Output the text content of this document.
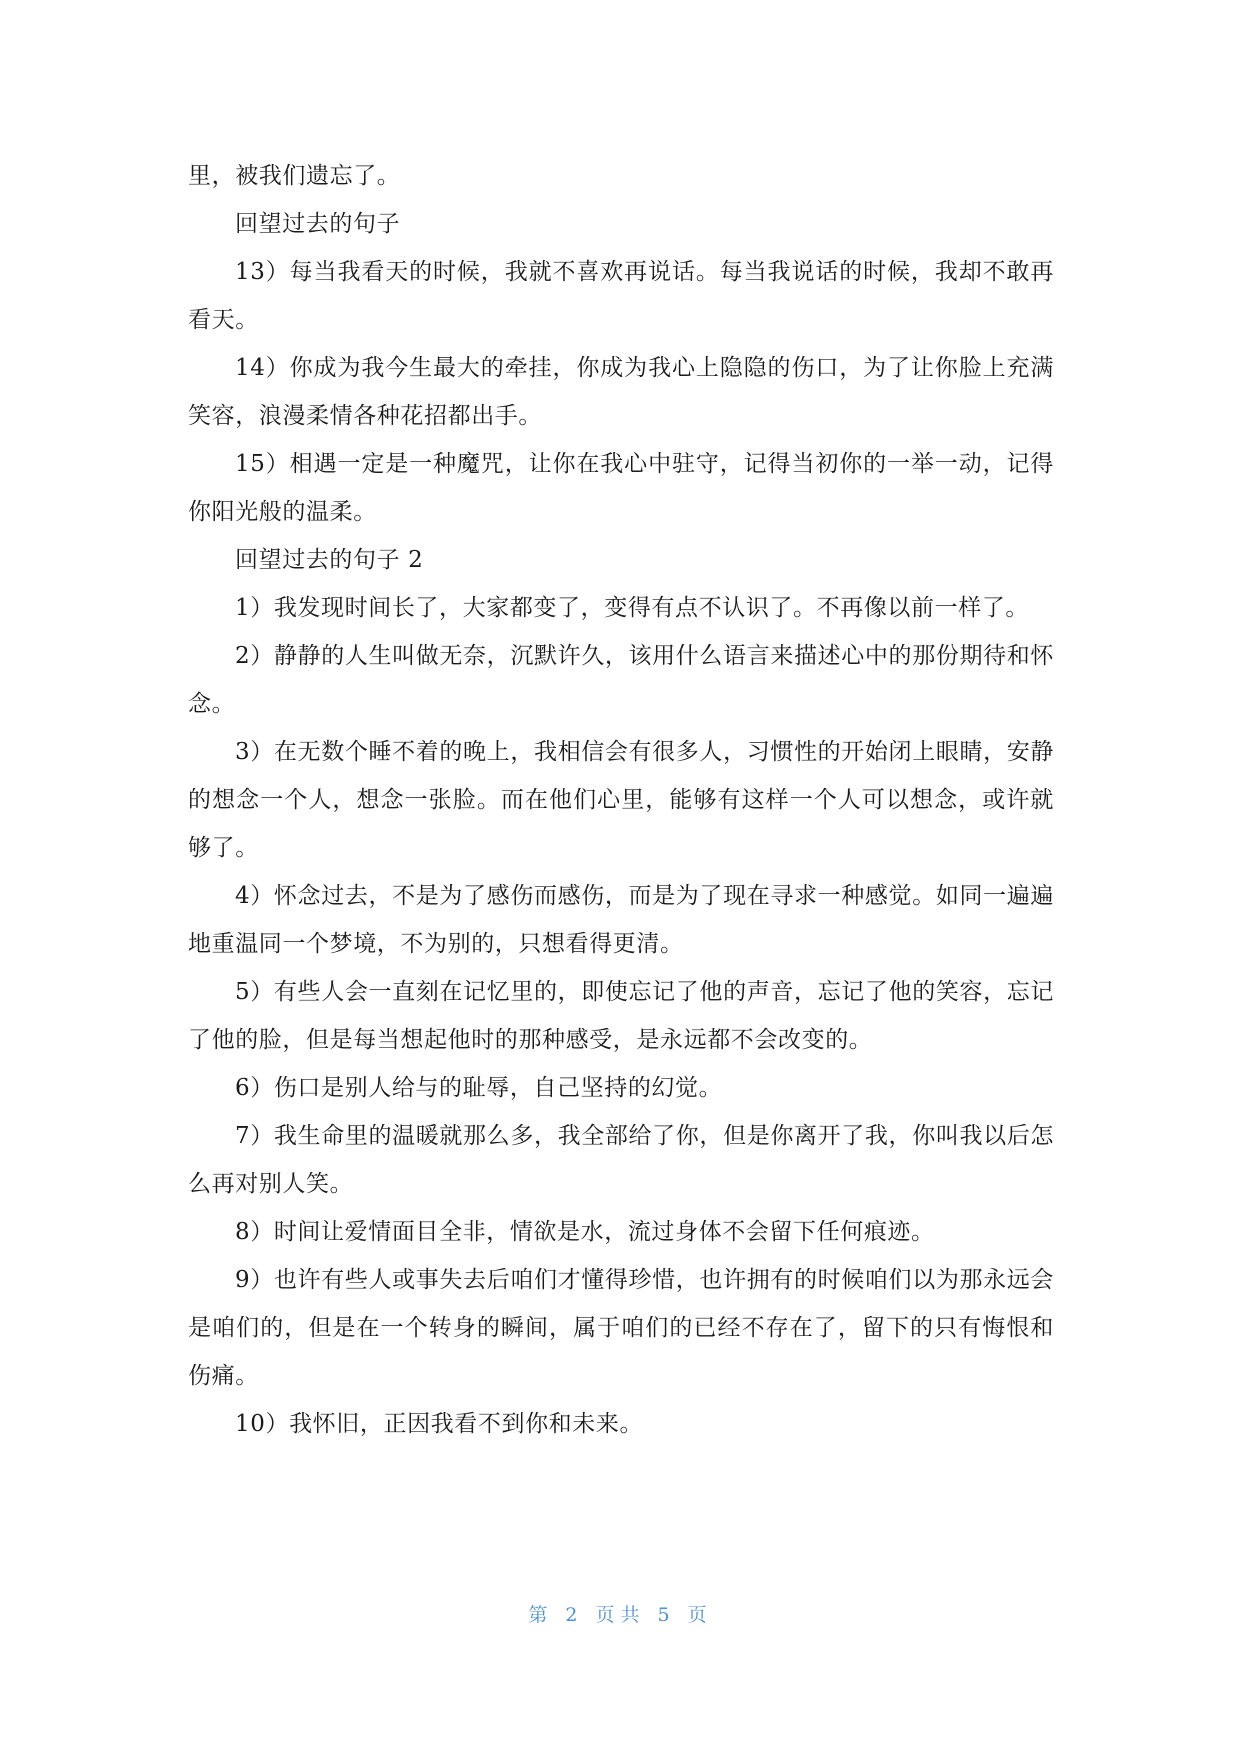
里，被我们遗忘了。

回望过去的句子

13）每当我看天的时候，我就不喜欢再说话。每当我说话的时候，我却不敢再看天。

14）你成为我今生最大的牵挂，你成为我心上隐隐的伤口，为了让你脸上充满笑容，浪漫柔情各种花招都出手。

15）相遇一定是一种魔咒，让你在我心中驻守，记得当初你的一举一动，记得你阳光般的温柔。

回望过去的句子 2

1）我发现时间长了，大家都变了，变得有点不认识了。不再像以前一样了。

2）静静的人生叫做无奈，沉默许久，该用什么语言来描述心中的那份期待和怀念。

3）在无数个睡不着的晚上，我相信会有很多人，习惯性的开始闭上眼睛，安静的想念一个人，想念一张脸。而在他们心里，能够有这样一个人可以想念，或许就够了。

4）怀念过去，不是为了感伤而感伤，而是为了现在寻求一种感觉。如同一遍遍地重温同一个梦境，不为别的，只想看得更清。

5）有些人会一直刻在记忆里的，即使忘记了他的声音，忘记了他的笑容，忘记了他的脸，但是每当想起他时的那种感受，是永远都不会改变的。

6）伤口是别人给与的耻辱，自己坚持的幻觉。

7）我生命里的温暖就那么多，我全部给了你，但是你离开了我，你叫我以后怎么再对别人笑。

8）时间让爱情面目全非，情欲是水，流过身体不会留下任何痕迹。

9）也许有些人或事失去后咱们才懂得珍惜，也许拥有的时候咱们以为那永远会是咱们的，但是在一个转身的瞬间，属于咱们的已经不存在了，留下的只有悔恨和伤痛。

10）我怀旧，正因我看不到你和未来。

第 2 页共 5 页
